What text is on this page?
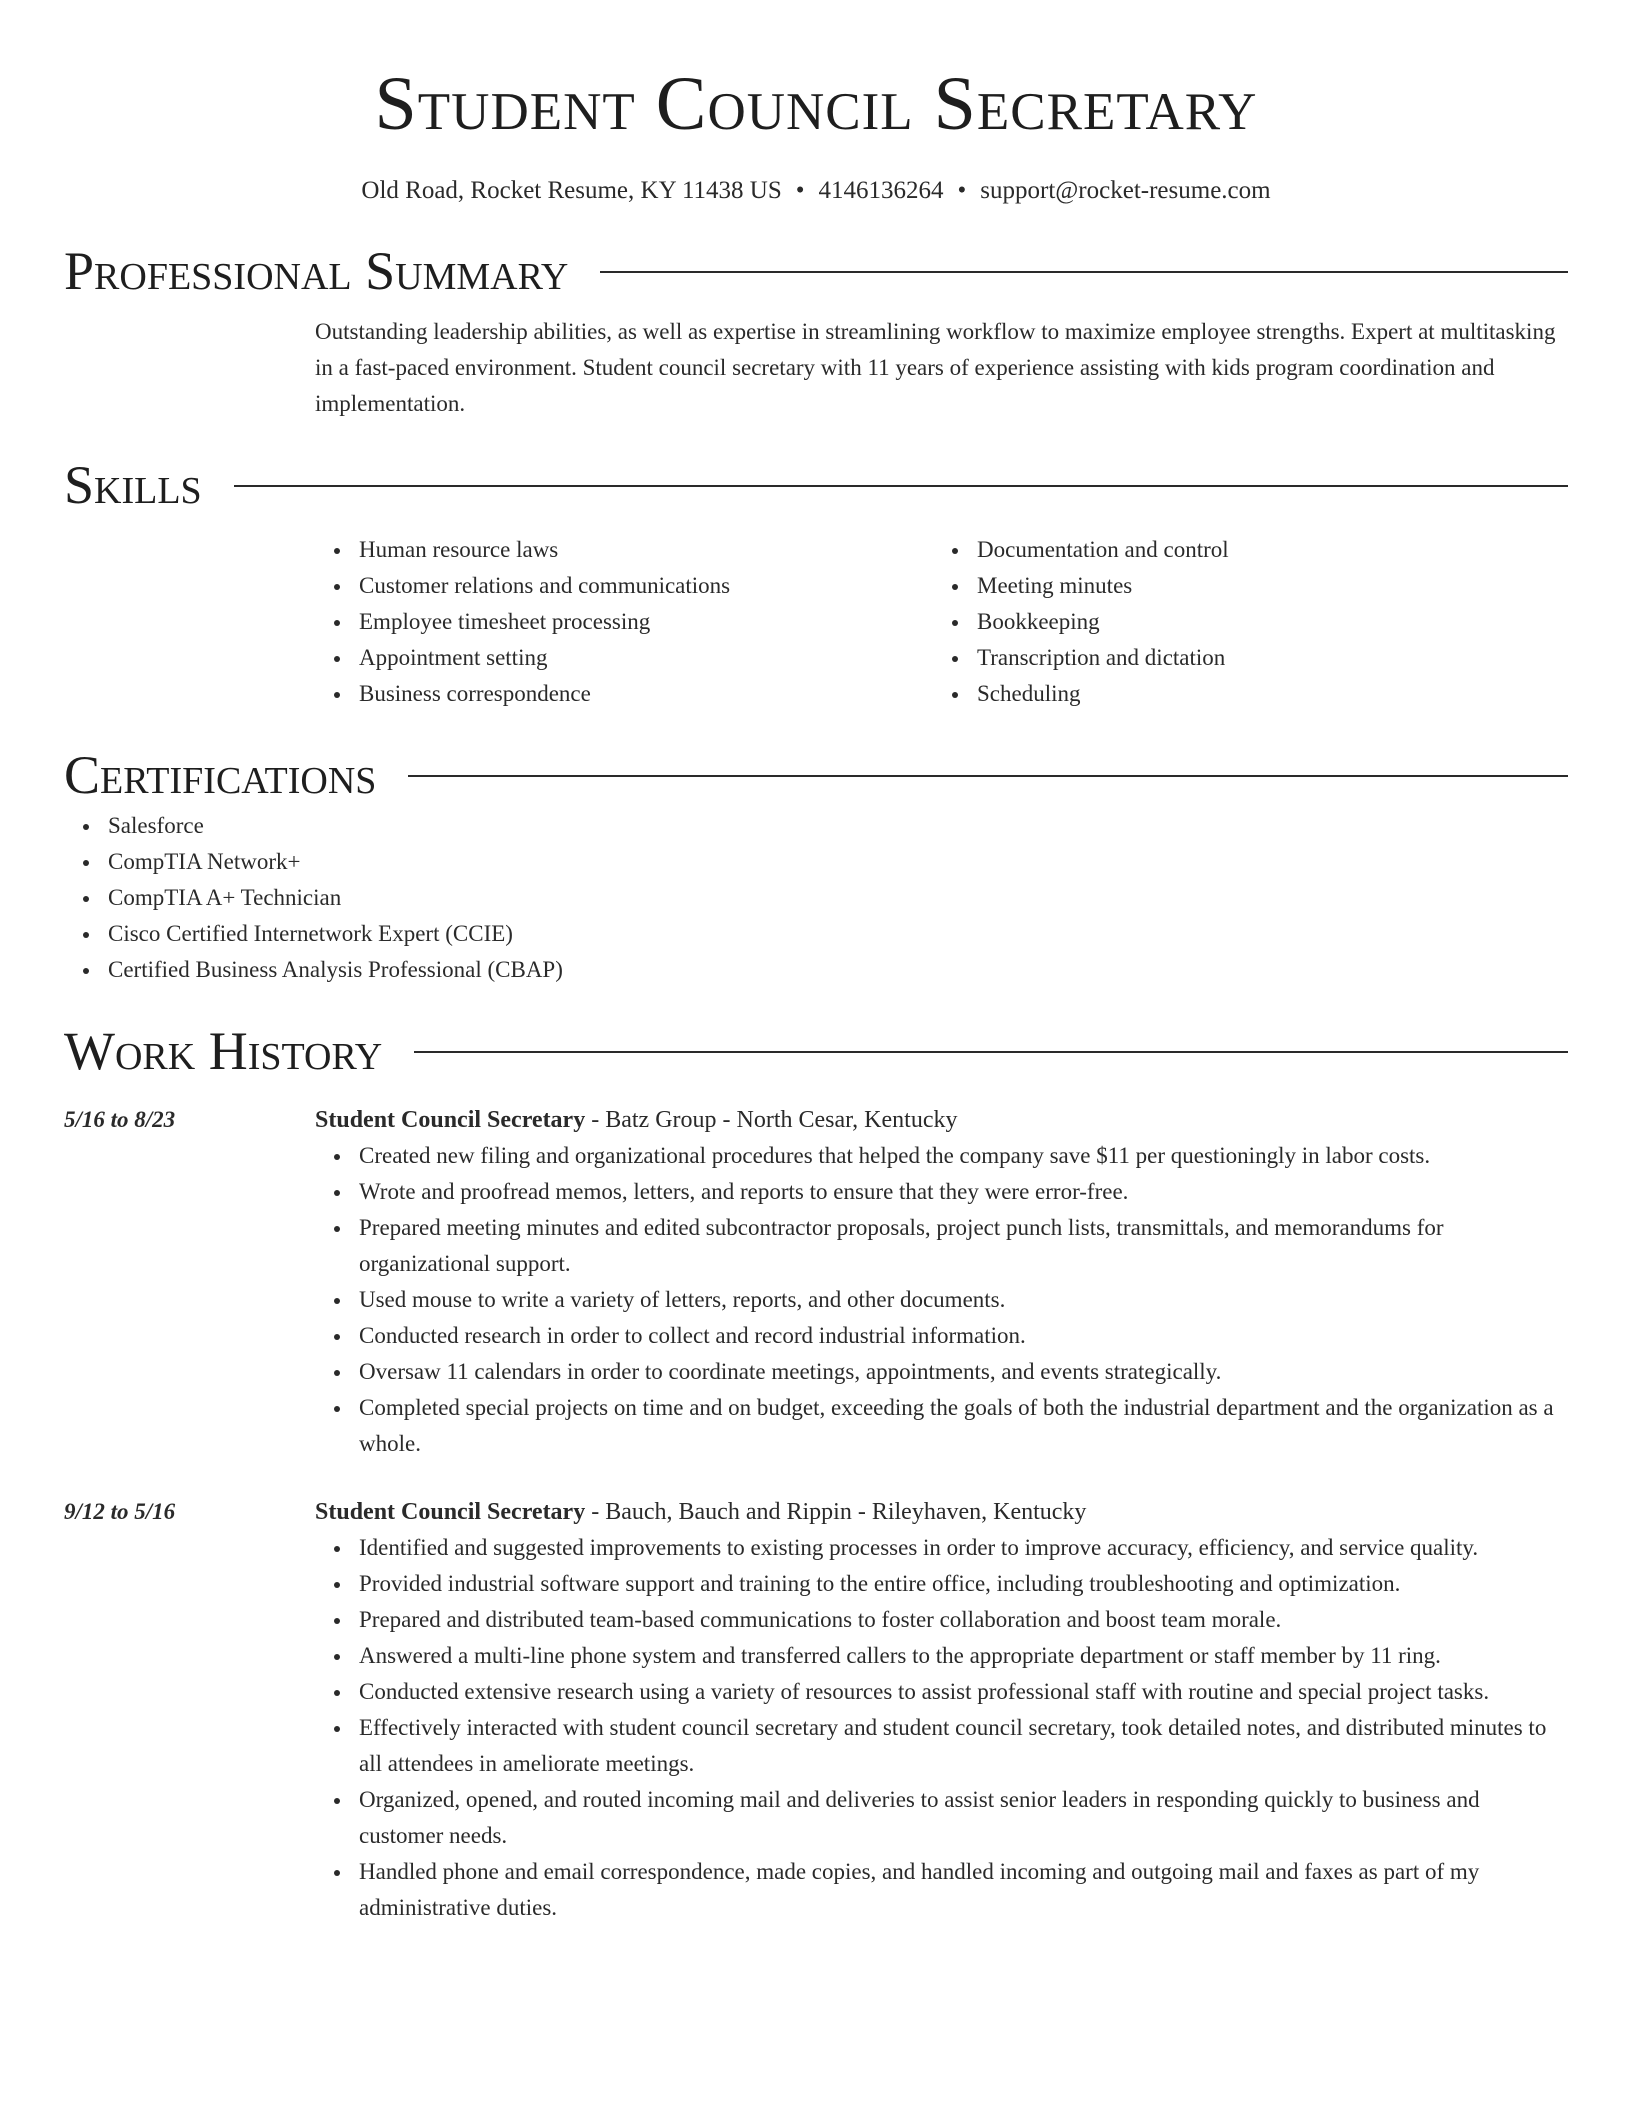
Student Council Secretary
Old Road, Rocket Resume, KY 11438 US • 4146136264 • support@rocket-resume.com
Professional Summary
Outstanding leadership abilities, as well as expertise in streamlining workflow to maximize employee strengths. Expert at multitasking in a fast-paced environment. Student council secretary with 11 years of experience assisting with kids program coordination and implementation.
Skills
Human resource laws
Customer relations and communications
Employee timesheet processing
Appointment setting
Business correspondence
Documentation and control
Meeting minutes
Bookkeeping
Transcription and dictation
Scheduling
Certifications
Salesforce
CompTIA Network+
CompTIA A+ Technician
Cisco Certified Internetwork Expert (CCIE)
Certified Business Analysis Professional (CBAP)
Work History
5/16 to 8/23	Student Council Secretary - Batz Group - North Cesar, Kentucky
Created new filing and organizational procedures that helped the company save $11 per questioningly in labor costs.
Wrote and proofread memos, letters, and reports to ensure that they were error-free.
Prepared meeting minutes and edited subcontractor proposals, project punch lists, transmittals, and memorandums for organizational support.
Used mouse to write a variety of letters, reports, and other documents.
Conducted research in order to collect and record industrial information.
Oversaw 11 calendars in order to coordinate meetings, appointments, and events strategically.
Completed special projects on time and on budget, exceeding the goals of both the industrial department and the organization as a whole.
9/12 to 5/16	Student Council Secretary - Bauch, Bauch and Rippin - Rileyhaven, Kentucky
Identified and suggested improvements to existing processes in order to improve accuracy, efficiency, and service quality.
Provided industrial software support and training to the entire office, including troubleshooting and optimization.
Prepared and distributed team-based communications to foster collaboration and boost team morale.
Answered a multi-line phone system and transferred callers to the appropriate department or staff member by 11 ring.
Conducted extensive research using a variety of resources to assist professional staff with routine and special project tasks.
Effectively interacted with student council secretary and student council secretary, took detailed notes, and distributed minutes to all attendees in ameliorate meetings.
Organized, opened, and routed incoming mail and deliveries to assist senior leaders in responding quickly to business and customer needs.
Handled phone and email correspondence, made copies, and handled incoming and outgoing mail and faxes as part of my administrative duties.
